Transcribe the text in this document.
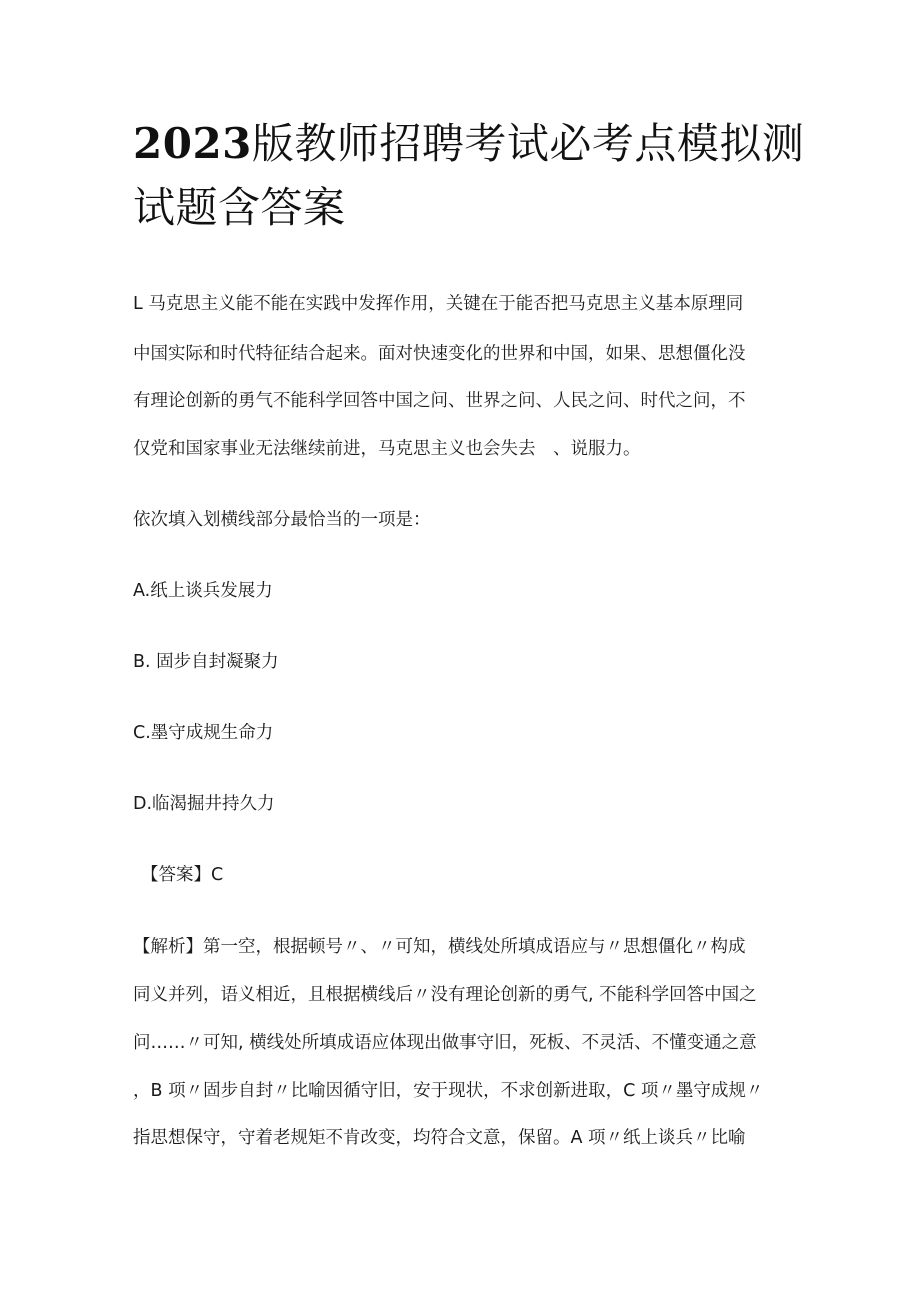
2023版教师招聘考试必考点模拟测
试题含答案

L 马克思主义能不能在实践中发挥作用，关键在于能否把马克思主义基本原理同

中国实际和时代特征结合起来。面对快速变化的世界和中国，如果、思想僵化没

有理论创新的勇气不能科学回答中国之问、世界之问、人民之问、时代之问，不

仅党和国家事业无法继续前进，马克思主义也会失去　、说服力。

依次填入划横线部分最恰当的一项是：

A.纸上谈兵发展力

B. 固步自封凝聚力

C.墨守成规生命力

D.临渴掘井持久力

【答案】C

【解析】第一空，根据顿号〃、〃可知，横线处所填成语应与〃思想僵化〃构成

同义并列，语义相近，且根据横线后〃没有理论创新的勇气, 不能科学回答中国之

问……〃可知, 横线处所填成语应体现出做事守旧，死板、不灵活、不懂变通之意

，B 项〃固步自封〃比喻因循守旧，安于现状，不求创新进取，C 项〃墨守成规〃

指思想保守，守着老规矩不肯改变，均符合文意，保留。A 项〃纸上谈兵〃比喻
